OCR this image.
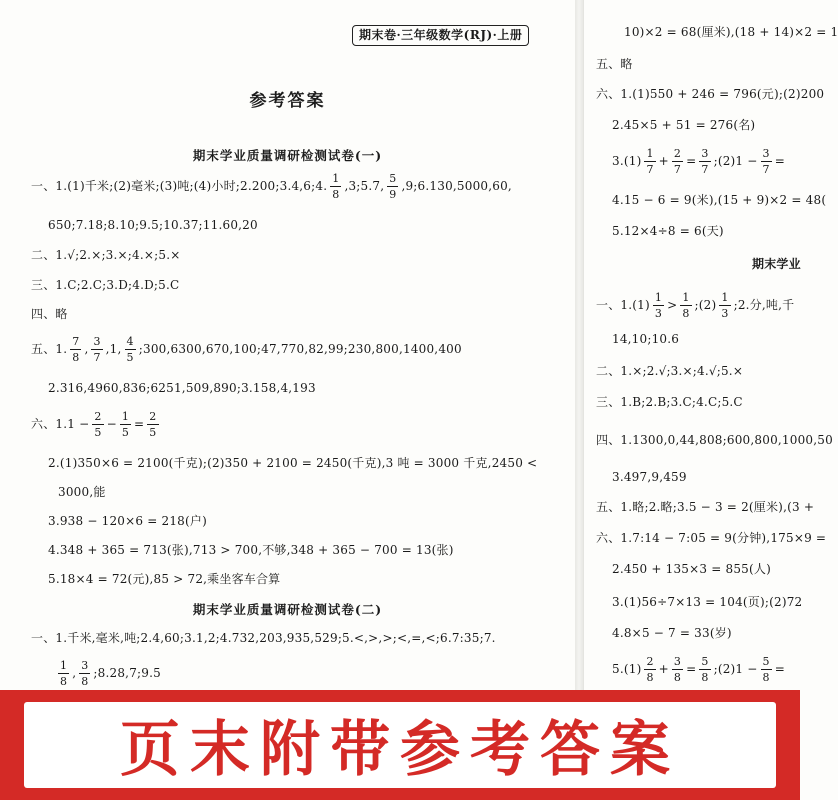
期末卷·三年级数学(RJ)·上册
参考答案
期末学业质量调研检测试卷(一)
一、1.(1)千米;(2)毫米;(3)吨;(4)小时;2.200;3.4,6;4. $\frac{1}{8}$ ,3;5.7, $\frac{5}{9}$ ,9;6.130,5000,60,
650;7.18;8.10;9.5;10.37;11.60,20
二、1.√;2.×;3.×;4.×;5.×
三、1.C;2.C;3.D;4.D;5.C
四、略
五、1. $\frac{7}{8}$ , $\frac{3}{7} ,1$, $\frac{4}{5}$ ;300,6300,670,100;47,770,82,99;230,800,1400,400
2.316,4960,836;6251,509,890;3.158,4,193
六、$1.1 - \frac{2}{5} - \frac{1}{5} = \frac{2}{5}$
2.(1)350×6 = 2100(千克);(2)350 + 2100 = 2450(千克),3 吨 = 3000 千克,2450 <
3000,能
3.938 − 120×6 = 218(户)
4.348 + 365 = 713(张),713 > 700,不够,348 + 365 − 700 = 13(张)
5.18×4 = 72(元),85 > 72,乘坐客车合算
期末学业质量调研检测试卷(二)
一、1.千米,毫米,吨;2.4,60;3.1,2;4.732,203,935,529;5.<,>,>;<,=,<;6.7:35;7.
$\frac{1}{8}$ , $\frac{3}{8}$ ;8.28,7;9.5
10)×2 = 68(厘米),(18 + 14)×2 = 1
五、略
六、1.(1)550 + 246 = 796(元);(2)200
2.45×5 + 51 = 276(名)
$3.(1) \frac{1}{7} + \frac{2}{7} = \frac{3}{7}$ ;(2)1 − $\frac{3}{7}$ =
4.15 − 6 = 9(米),(15 + 9)×2 = 48(
5.12×4÷8 = 6(天)
期末学业
一、$1.(1) \frac{1}{3} > \frac{1}{8}$ ;(2) $\frac{1}{3}$ ;2.分,吨,千
14,10;10.6
二、1.×;2.√;3.×;4.√;5.×
三、1.B;2.B;3.C;4.C;5.C
四、1.1300,0,44,808;600,800,1000,50
3.497,9,459
五、1.略;2.略;3.5 − 3 = 2(厘米),(3 +
六、1.7:14 − 7:05 = 9(分钟),175×9 =
2.450 + 135×3 = 855(人)
3.(1)56÷7×13 = 104(页);(2)72
4.8×5 − 7 = 33(岁)
$5.(1) \frac{2}{8} + \frac{3}{8} = \frac{5}{8}$ ;(2)1 − $\frac{5}{8}$ =
页末附带参考答案
